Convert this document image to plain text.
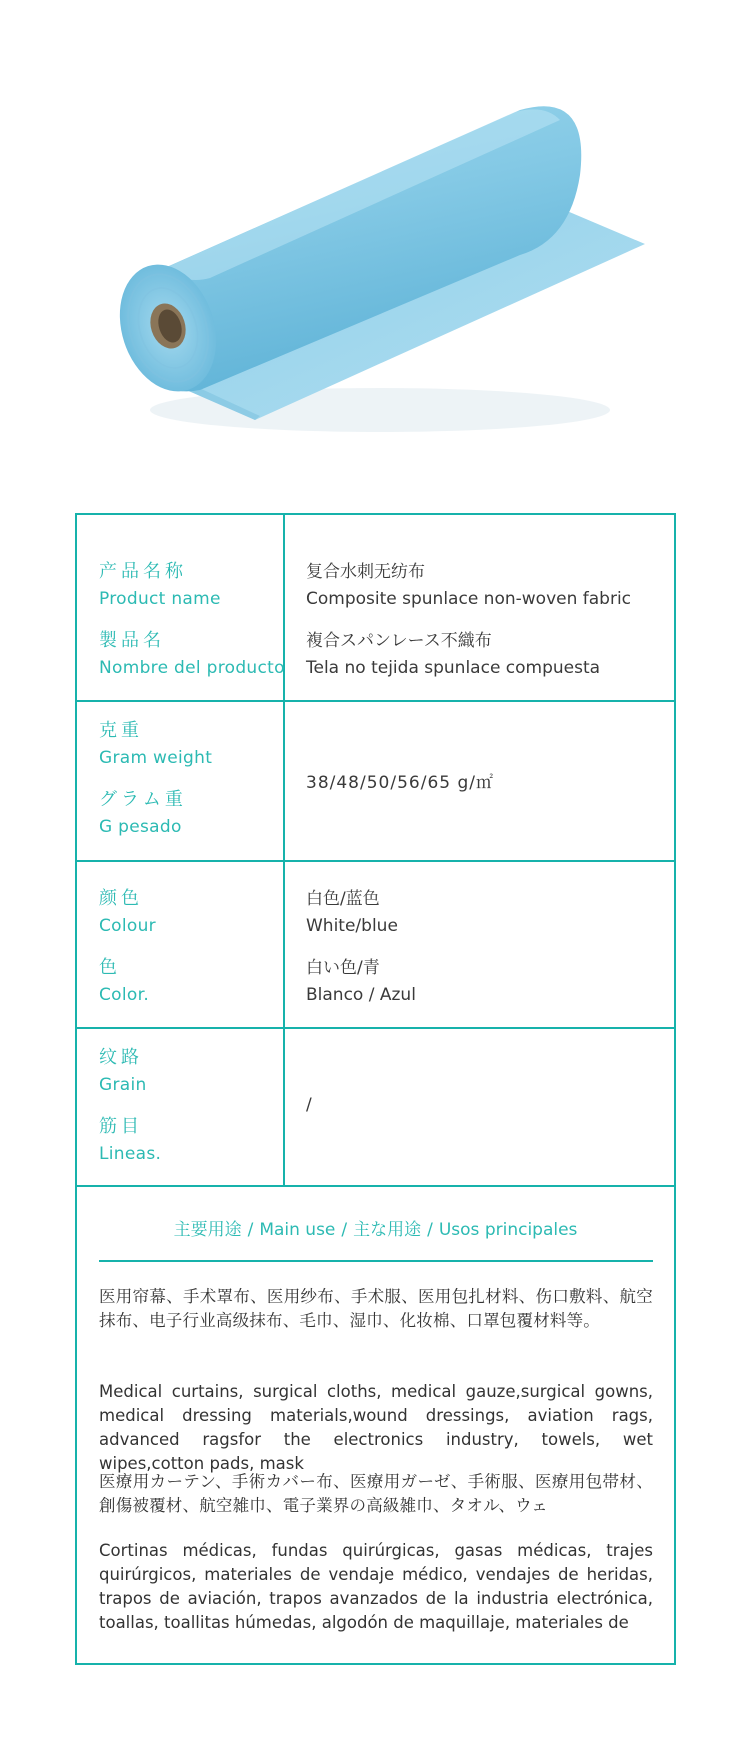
产品名称
Product name
製品名
Nombre del producto
复合水刺无纺布
Composite spunlace non-woven fabric
複合スパンレース不織布
Tela no tejida spunlace compuesta
克重
Gram weight
グラム重
G pesado
38/48/50/56/65 g/㎡
颜色
Colour
色
Color.
白色/蓝色
White/blue
白い色/青
Blanco / Azul
纹路
Grain
筋目
Lineas.
/
主要用途 / Main use / 主な用途 / Usos principales
医用帘幕、手术罩布、医用纱布、手术服、医用包扎材料、伤口敷料、航空抹布、电子行业高级抹布、毛巾、湿巾、化妆棉、口罩包覆材料等。
Medical curtains, surgical cloths, medical gauze,surgical gowns, medical dressing materials,wound dressings, aviation rags, advanced ragsfor the electronics industry, towels, wet wipes,cotton pads, mask
医療用カーテン、手術カバー布、医療用ガーゼ、手術服、医療用包帯材、創傷被覆材、航空雑巾、電子業界の高級雑巾、タオル、ウェ
Cortinas médicas, fundas quirúrgicas, gasas médicas, trajes quirúrgicos, materiales de vendaje médico, vendajes de heridas, trapos de aviación, trapos avanzados de la industria electrónica, toallas, toallitas húmedas, algodón de maquillaje, materiales de
